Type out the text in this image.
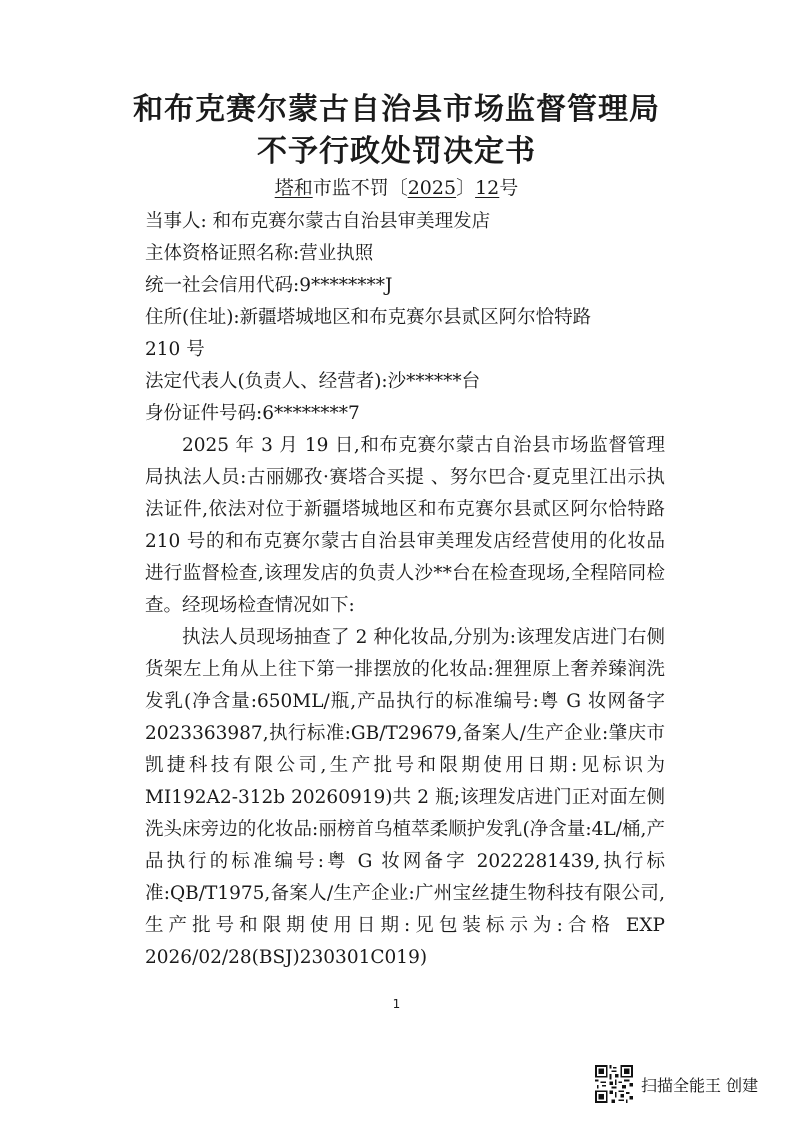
和布克赛尔蒙古自治县市场监督管理局
不予行政处罚决定书
塔和市监不罚〔2025〕12号
当事人: 和布克赛尔蒙古自治县审美理发店
主体资格证照名称:营业执照
统一社会信用代码:9********J
住所(住址):新疆塔城地区和布克赛尔县贰区阿尔恰特路
210 号
法定代表人(负责人、经营者):沙******台
身份证件号码:6********7
2025 年 3 月 19 日,和布克赛尔蒙古自治县市场监督管理局执法人员:古丽娜孜·赛塔合买提 、努尔巴合·夏克里江出示执法证件,依法对位于新疆塔城地区和布克赛尔县贰区阿尔恰特路 210 号的和布克赛尔蒙古自治县审美理发店经营使用的化妆品进行监督检查,该理发店的负责人沙**台在检查现场,全程陪同检查。经现场检查情况如下:
执法人员现场抽查了 2 种化妆品,分别为:该理发店进门右侧货架左上角从上往下第一排摆放的化妆品:狸狸原上奢养臻润洗发乳(净含量:650ML/瓶,产品执行的标准编号:粤 G 妆网备字 2023363987,执行标准:GB/T29679,备案人/生产企业:肇庆市凯捷科技有限公司,生产批号和限期使用日期:见标识为 MI192A2-312b 20260919)共 2 瓶;该理发店进门正对面左侧洗头床旁边的化妆品:丽榜首乌植萃柔顺护发乳(净含量:4L/桶,产品执行的标准编号:粤 G 妆网备字 2022281439,执行标准:QB/T1975,备案人/生产企业:广州宝丝捷生物科技有限公司,生产批号和限期使用日期:见包装标示为:合格 EXP 2026/02/28(BSJ)230301C019)
1
扫描全能王 创建
